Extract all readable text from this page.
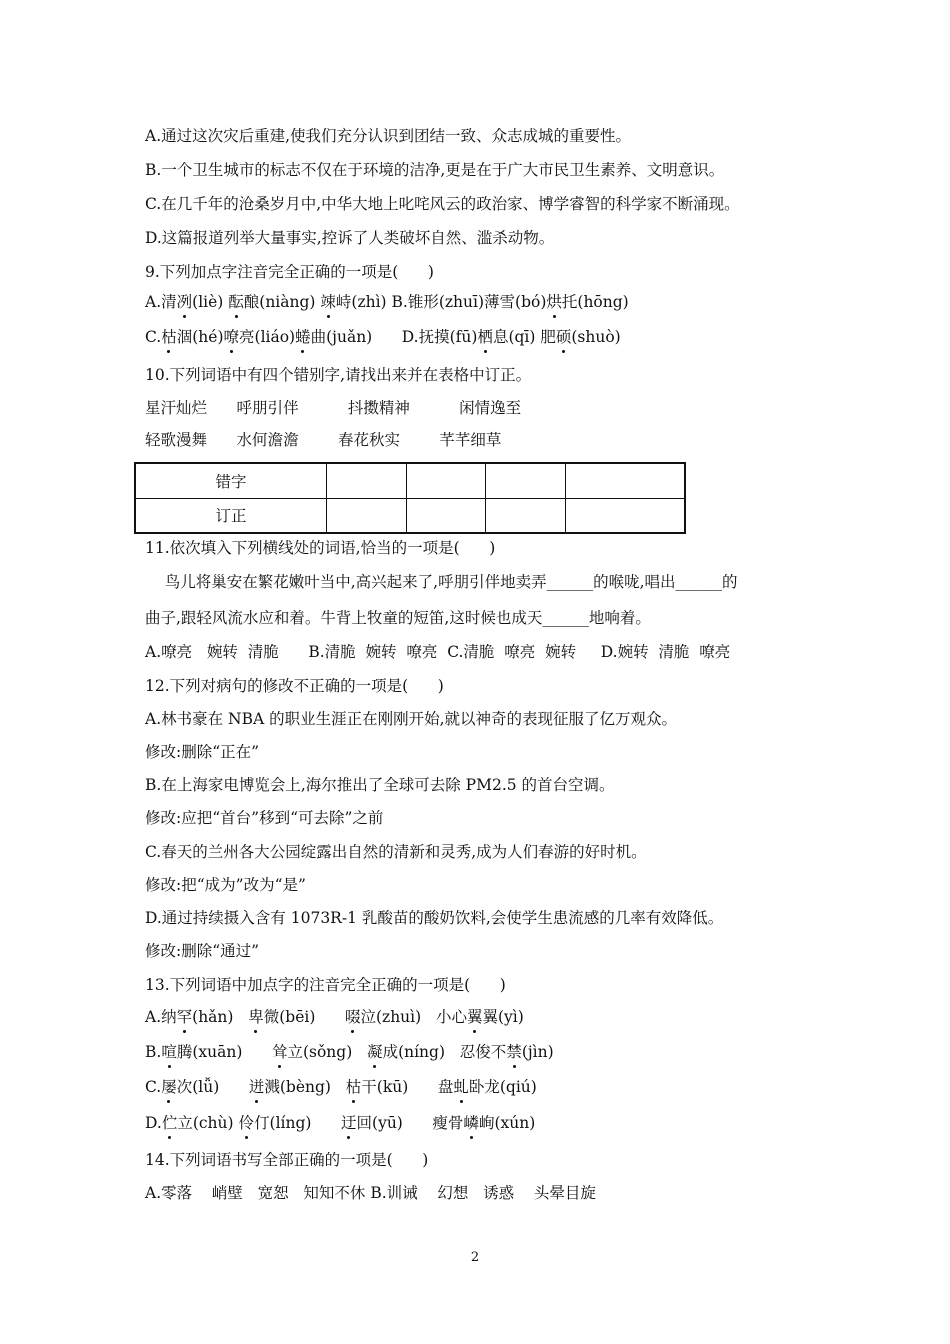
A.通过这次灾后重建,使我们充分认识到团结一致、众志成城的重要性。
B.一个卫生城市的标志不仅在于环境的洁净,更是在于广大市民卫生素养、文明意识。
C.在几千年的沧桑岁月中,中华大地上叱咤风云的政治家、博学睿智的科学家不断涌现。
D.这篇报道列举大量事实,控诉了人类破坏自然、滥杀动物。
9.下列加点字注音完全正确的一项是(      )
A.清冽(liè) 酝酿(niàng) 竦峙(zhì) B.锥形(zhuī)薄雪(bó)烘托(hōng)
C.枯涸(hé)嘹亮(liáo)蜷曲(juǎn)      D.抚摸(fū)栖息(qī) 肥硕(shuò)
10.下列词语中有四个错别字,请找出来并在表格中订正。
星汗灿烂      呼朋引伴          抖擞精神          闲情逸至
轻歌漫舞      水何澹澹        春花秋实        芊芊细草
错字				
订正				
11.依次填入下列横线处的词语,恰当的一项是(      )
鸟儿将巢安在繁花嫩叶当中,高兴起来了,呼朋引伴地卖弄______的喉咙,唱出______的
曲子,跟轻风流水应和着。牛背上牧童的短笛,这时候也成天______地响着。
A.嘹亮   婉转  清脆      B.清脆  婉转  嘹亮  C.清脆  嘹亮  婉转     D.婉转  清脆  嘹亮
12.下列对病句的修改不正确的一项是(      )
A.林书豪在 NBA 的职业生涯正在刚刚开始,就以神奇的表现征服了亿万观众。
修改:删除“正在”
B.在上海家电博览会上,海尔推出了全球可去除 PM2.5 的首台空调。
修改:应把“首台”移到“可去除”之前
C.春天的兰州各大公园绽露出自然的清新和灵秀,成为人们春游的好时机。
修改:把“成为”改为“是”
D.通过持续摄入含有 1073R-1 乳酸苗的酸奶饮料,会使学生患流感的几率有效降低。
修改:删除“通过”
13.下列词语中加点字的注音完全正确的一项是(      )
A.纳罕(hǎn)   卑微(bēi)      啜泣(zhuì)   小心翼翼(yì)
B.喧腾(xuān)      耸立(sǒng)   凝成(níng)   忍俊不禁(jìn)
C.屡次(lǚ)      迸溅(bèng)   枯干(kū)      盘虬卧龙(qiú)
D.伫立(chù) 伶仃(líng)      迂回(yū)      瘦骨嶙峋(xún)
14.下列词语书写全部正确的一项是(      )
A.零落    峭壁   宽恕   知知不休 B.训诫    幻想   诱惑    头晕目旋
2
